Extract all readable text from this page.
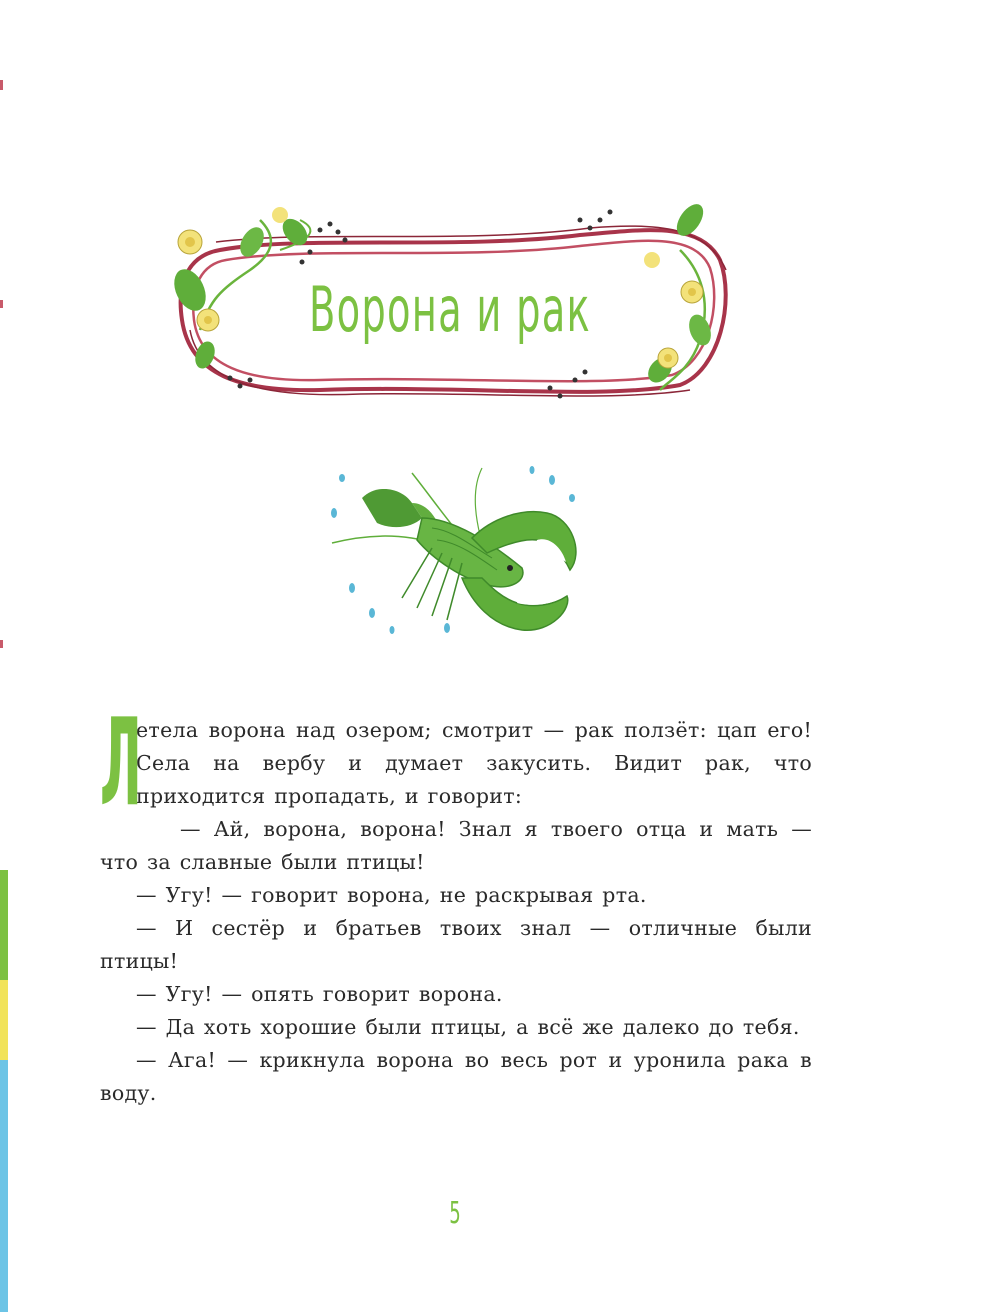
Ворона и рак

Л
етела ворона над озером; смотрит — рак ползёт: цап его! Села на вербу и думает закусить. Видит рак, что приходится пропадать, и говорит:

— Ай, ворона, ворона! Знал я твоего отца и мать — что за славные были птицы!

— Угу! — говорит ворона, не раскрывая рта.

— И сестёр и братьев твоих знал — отличные были птицы!

— Угу! — опять говорит ворона.

— Да хоть хорошие были птицы, а всё же далеко до тебя.

— Ага! — крикнула ворона во весь рот и уронила рака в воду.

5
